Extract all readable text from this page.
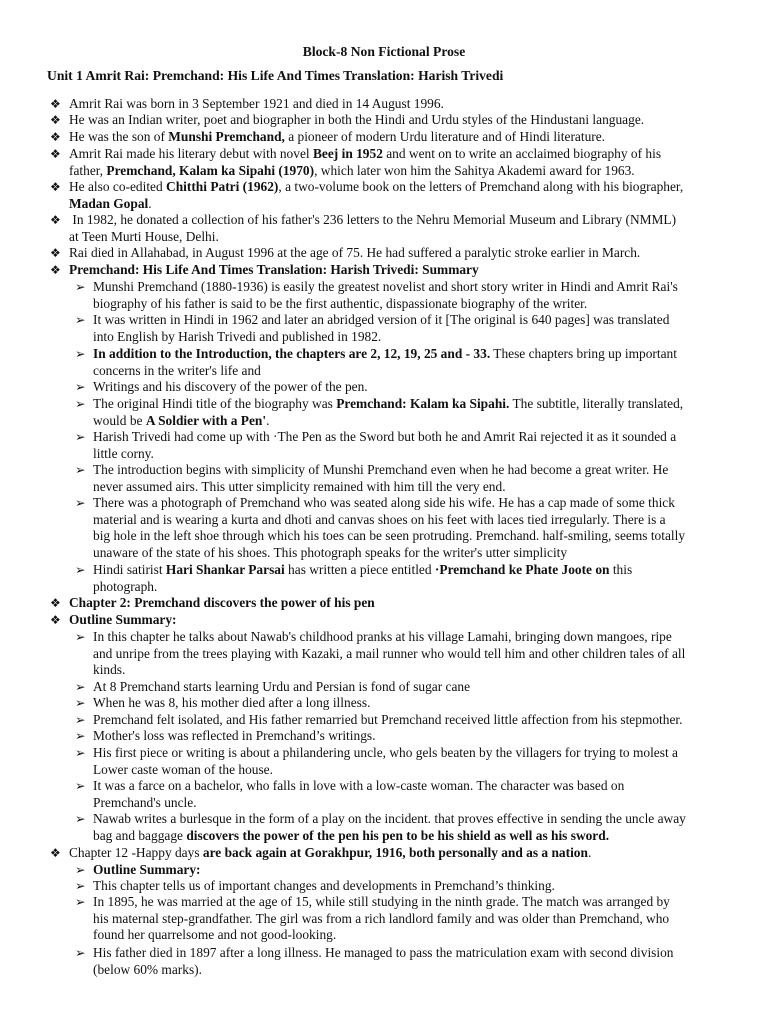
Block-8 Non Fictional Prose
Unit 1 Amrit Rai: Premchand: His Life And Times Translation: Harish Trivedi
❖ Amrit Rai was born in 3 September 1921 and died in 14 August 1996.
❖ He was an Indian writer, poet and biographer in both the Hindi and Urdu styles of the Hindustani language.
❖ He was the son of Munshi Premchand, a pioneer of modern Urdu literature and of Hindi literature.
❖ Amrit Rai made his literary debut with novel Beej in 1952 and went on to write an acclaimed biography of his
father, Premchand, Kalam ka Sipahi (1970), which later won him the Sahitya Akademi award for 1963.
❖ He also co-edited Chitthi Patri (1962), a two-volume book on the letters of Premchand along with his biographer,
Madan Gopal.
❖ In 1982, he donated a collection of his father's 236 letters to the Nehru Memorial Museum and Library (NMML)
at Teen Murti House, Delhi.
❖ Rai died in Allahabad, in August 1996 at the age of 75. He had suffered a paralytic stroke earlier in March.
❖ Premchand: His Life And Times Translation: Harish Trivedi: Summary
➢ Munshi Premchand (1880-1936) is easily the greatest novelist and short story writer in Hindi and Amrit Rai's
biography of his father is said to be the first authentic, dispassionate biography of the writer.
➢ It was written in Hindi in 1962 and later an abridged version of it [The original is 640 pages] was translated
into English by Harish Trivedi and published in 1982.
➢ In addition to the Introduction, the chapters are 2, 12, 19, 25 and - 33. These chapters bring up important
concerns in the writer's life and
➢ Writings and his discovery of the power of the pen.
➢ The original Hindi title of the biography was Premchand: Kalam ka Sipahi. The subtitle, literally translated,
would be A Soldier with a Pen'.
➢ Harish Trivedi had come up with ·The Pen as the Sword but both he and Amrit Rai rejected it as it sounded a
little corny.
➢ The introduction begins with simplicity of Munshi Premchand even when he had become a great writer. He
never assumed airs. This utter simplicity remained with him till the very end.
➢ There was a photograph of Premchand who was seated along side his wife. He has a cap made of some thick
material and is wearing a kurta and dhoti and canvas shoes on his feet with laces tied irregularly. There is a
big hole in the left shoe through which his toes can be seen protruding. Premchand. half-smiling, seems totally
unaware of the state of his shoes. This photograph speaks for the writer's utter simplicity
➢ Hindi satirist Hari Shankar Parsai has written a piece entitled ·Premchand ke Phate Joote on this
photograph.
❖ Chapter 2: Premchand discovers the power of his pen
❖ Outline Summary:
➢ In this chapter he talks about Nawab's childhood pranks at his village Lamahi, bringing down mangoes, ripe
and unripe from the trees playing with Kazaki, a mail runner who would tell him and other children tales of all
kinds.
➢ At 8 Premchand starts learning Urdu and Persian is fond of sugar cane
➢ When he was 8, his mother died after a long illness.
➢ Premchand felt isolated, and His father remarried but Premchand received little affection from his stepmother.
➢ Mother's loss was reflected in Premchand’s writings.
➢ His first piece or writing is about a philandering uncle, who gels beaten by the villagers for trying to molest a
Lower caste woman of the house.
➢ It was a farce on a bachelor, who falls in love with a low-caste woman. The character was based on
Premchand's uncle.
➢ Nawab writes a burlesque in the form of a play on the incident. that proves effective in sending the uncle away
bag and baggage discovers the power of the pen his pen to be his shield as well as his sword.
❖ Chapter 12 -Happy days are back again at Gorakhpur, 1916, both personally and as a nation.
➢ Outline Summary:
➢ This chapter tells us of important changes and developments in Premchand’s thinking.
➢ In 1895, he was married at the age of 15, while still studying in the ninth grade. The match was arranged by
his maternal step-grandfather. The girl was from a rich landlord family and was older than Premchand, who
found her quarrelsome and not good-looking.
➢ His father died in 1897 after a long illness. He managed to pass the matriculation exam with second division
(below 60% marks).
